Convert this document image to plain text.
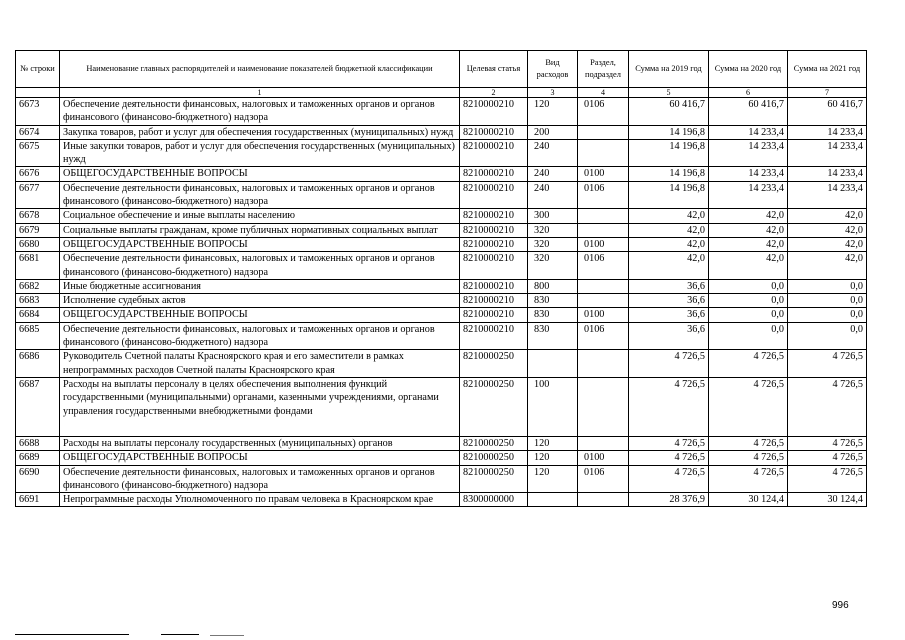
№ строки	Наименование главных распорядителей и наименование показателей бюджетной классификации	Целевая статья	Вид расходов	Раздел, подраздел	Сумма на 2019 год	Сумма на 2020 год	Сумма на 2021 год
	1	2	3	4	5	6	7
6673	Обеспечение деятельности финансовых, налоговых и таможенных органов и органов финансового (финансово-бюджетного) надзора	8210000210	120	0106	60 416,7	60 416,7	60 416,7
6674	Закупка товаров, работ и услуг для обеспечения государственных (муниципальных) нужд	8210000210	200		14 196,8	14 233,4	14 233,4
6675	Иные закупки товаров, работ и услуг для обеспечения государственных (муниципальных) нужд	8210000210	240		14 196,8	14 233,4	14 233,4
6676	ОБЩЕГОСУДАРСТВЕННЫЕ ВОПРОСЫ	8210000210	240	0100	14 196,8	14 233,4	14 233,4
6677	Обеспечение деятельности финансовых, налоговых и таможенных органов и органов финансового (финансово-бюджетного) надзора	8210000210	240	0106	14 196,8	14 233,4	14 233,4
6678	Социальное обеспечение и иные выплаты населению	8210000210	300		42,0	42,0	42,0
6679	Социальные выплаты гражданам, кроме публичных нормативных социальных выплат	8210000210	320		42,0	42,0	42,0
6680	ОБЩЕГОСУДАРСТВЕННЫЕ ВОПРОСЫ	8210000210	320	0100	42,0	42,0	42,0
6681	Обеспечение деятельности финансовых, налоговых и таможенных органов и органов финансового (финансово-бюджетного) надзора	8210000210	320	0106	42,0	42,0	42,0
6682	Иные бюджетные ассигнования	8210000210	800		36,6	0,0	0,0
6683	Исполнение судебных актов	8210000210	830		36,6	0,0	0,0
6684	ОБЩЕГОСУДАРСТВЕННЫЕ ВОПРОСЫ	8210000210	830	0100	36,6	0,0	0,0
6685	Обеспечение деятельности финансовых, налоговых и таможенных органов и органов финансового (финансово-бюджетного) надзора	8210000210	830	0106	36,6	0,0	0,0
6686	Руководитель Счетной палаты Красноярского края и его заместители в рамках непрограммных расходов Счетной палаты Красноярского края	8210000250			4 726,5	4 726,5	4 726,5
6687	Расходы на выплаты персоналу в целях обеспечения выполнения функций государственными (муниципальными) органами, казенными учреждениями, органами управления государственными внебюджетными фондами	8210000250	100		4 726,5	4 726,5	4 726,5
6688	Расходы на выплаты персоналу государственных (муниципальных) органов	8210000250	120		4 726,5	4 726,5	4 726,5
6689	ОБЩЕГОСУДАРСТВЕННЫЕ ВОПРОСЫ	8210000250	120	0100	4 726,5	4 726,5	4 726,5
6690	Обеспечение деятельности финансовых, налоговых и таможенных органов и органов финансового (финансово-бюджетного) надзора	8210000250	120	0106	4 726,5	4 726,5	4 726,5
6691	Непрограммные расходы Уполномоченного по правам человека в Красноярском крае	8300000000			28 376,9	30 124,4	30 124,4
996
